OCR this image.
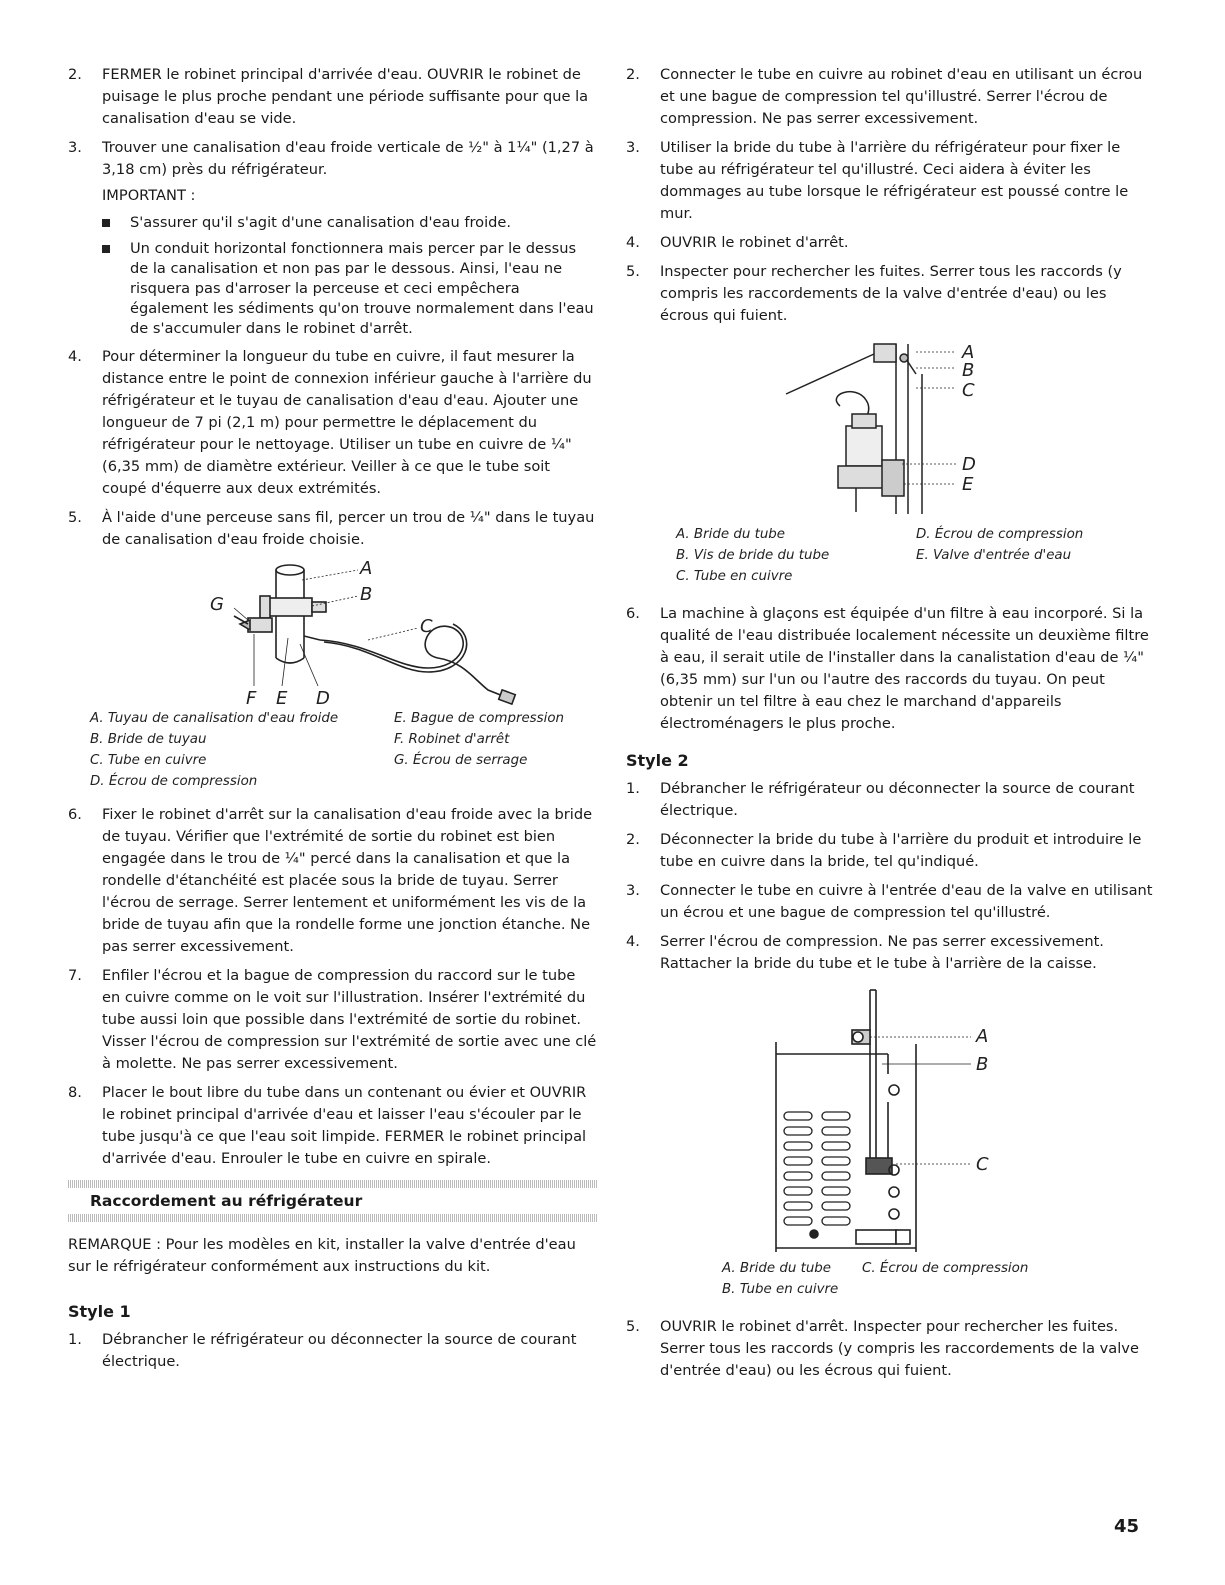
2. FERMER le robinet principal d'arrivée d'eau. OUVRIR le robinet de puisage le plus proche pendant une période suffisante pour que la canalisation d'eau se vide.
3. Trouver une canalisation d'eau froide verticale de ½" à 1¼" (1,27 à 3,18 cm) près du réfrigérateur.
IMPORTANT :
S'assurer qu'il s'agit d'une canalisation d'eau froide.
Un conduit horizontal fonctionnera mais percer par le dessus de la canalisation et non pas par le dessous. Ainsi, l'eau ne risquera pas d'arroser la perceuse et ceci empêchera également les sédiments qu'on trouve normalement dans l'eau de s'accumuler dans le robinet d'arrêt.
4. Pour déterminer la longueur du tube en cuivre, il faut mesurer la distance entre le point de connexion inférieur gauche à l'arrière du réfrigérateur et le tuyau de canalisation d'eau d'eau. Ajouter une longueur de 7 pi (2,1 m) pour permettre le déplacement du réfrigérateur pour le nettoyage. Utiliser un tube en cuivre de ¼" (6,35 mm) de diamètre extérieur. Veiller à ce que le tube soit coupé d'équerre aux deux extrémités.
5. À l'aide d'une perceuse sans fil, percer un trou de ¼" dans le tuyau de canalisation d'eau froide choisie.
A
B
C
G
F E D
A. Tuyau de canalisation d'eau froide
B. Bride de tuyau
C. Tube en cuivre
D. Écrou de compression
E. Bague de compression
F. Robinet d'arrêt
G. Écrou de serrage
6. Fixer le robinet d'arrêt sur la canalisation d'eau froide avec la bride de tuyau. Vérifier que l'extrémité de sortie du robinet est bien engagée dans le trou de ¼" percé dans la canalisation et que la rondelle d'étanchéité est placée sous la bride de tuyau. Serrer l'écrou de serrage. Serrer lentement et uniformément les vis de la bride de tuyau afin que la rondelle forme une jonction étanche. Ne pas serrer excessivement.
7. Enfiler l'écrou et la bague de compression du raccord sur le tube en cuivre comme on le voit sur l'illustration. Insérer l'extrémité du tube aussi loin que possible dans l'extrémité de sortie du robinet. Visser l'écrou de compression sur l'extrémité de sortie avec une clé à molette. Ne pas serrer excessivement.
8. Placer le bout libre du tube dans un contenant ou évier et OUVRIR le robinet principal d'arrivée d'eau et laisser l'eau s'écouler par le tube jusqu'à ce que l'eau soit limpide. FERMER le robinet principal d'arrivée d'eau. Enrouler le tube en cuivre en spirale.
Raccordement au réfrigérateur

REMARQUE : Pour les modèles en kit, installer la valve d'entrée d'eau sur le réfrigérateur conformément aux instructions du kit.

Style 1
1. Débrancher le réfrigérateur ou déconnecter la source de courant électrique.
2. Connecter le tube en cuivre au robinet d'eau en utilisant un écrou et une bague de compression tel qu'illustré. Serrer l'écrou de compression. Ne pas serrer excessivement.
3. Utiliser la bride du tube à l'arrière du réfrigérateur pour fixer le tube au réfrigérateur tel qu'illustré. Ceci aidera à éviter les dommages au tube lorsque le réfrigérateur est poussé contre le mur.
4. OUVRIR le robinet d'arrêt.
5. Inspecter pour rechercher les fuites. Serrer tous les raccords (y compris les raccordements de la valve d'entrée d'eau) ou les écrous qui fuient.
A
B
C
D
E
A. Bride du tube
B. Vis de bride du tube
C. Tube en cuivre
D. Écrou de compression
E. Valve d'entrée d'eau
6. La machine à glaçons est équipée d'un filtre à eau incorporé. Si la qualité de l'eau distribuée localement nécessite un deuxième filtre à eau, il serait utile de l'installer dans la canalistation d'eau de ¼" (6,35 mm) sur l'un ou l'autre des raccords du tuyau. On peut obtenir un tel filtre à eau chez le marchand d'appareils électroménagers le plus proche.
Style 2
1. Débrancher le réfrigérateur ou déconnecter la source de courant électrique.
2. Déconnecter la bride du tube à l'arrière du produit et introduire le tube en cuivre dans la bride, tel qu'indiqué.
3. Connecter le tube en cuivre à l'entrée d'eau de la valve en utilisant un écrou et une bague de compression tel qu'illustré.
4. Serrer l'écrou de compression. Ne pas serrer excessivement. Rattacher la bride du tube et le tube à l'arrière de la caisse.
A
B
C
A. Bride du tube
B. Tube en cuivre
C. Écrou de compression
5. OUVRIR le robinet d'arrêt. Inspecter pour rechercher les fuites. Serrer tous les raccords (y compris les raccordements de la valve d'entrée d'eau) ou les écrous qui fuient.
45
